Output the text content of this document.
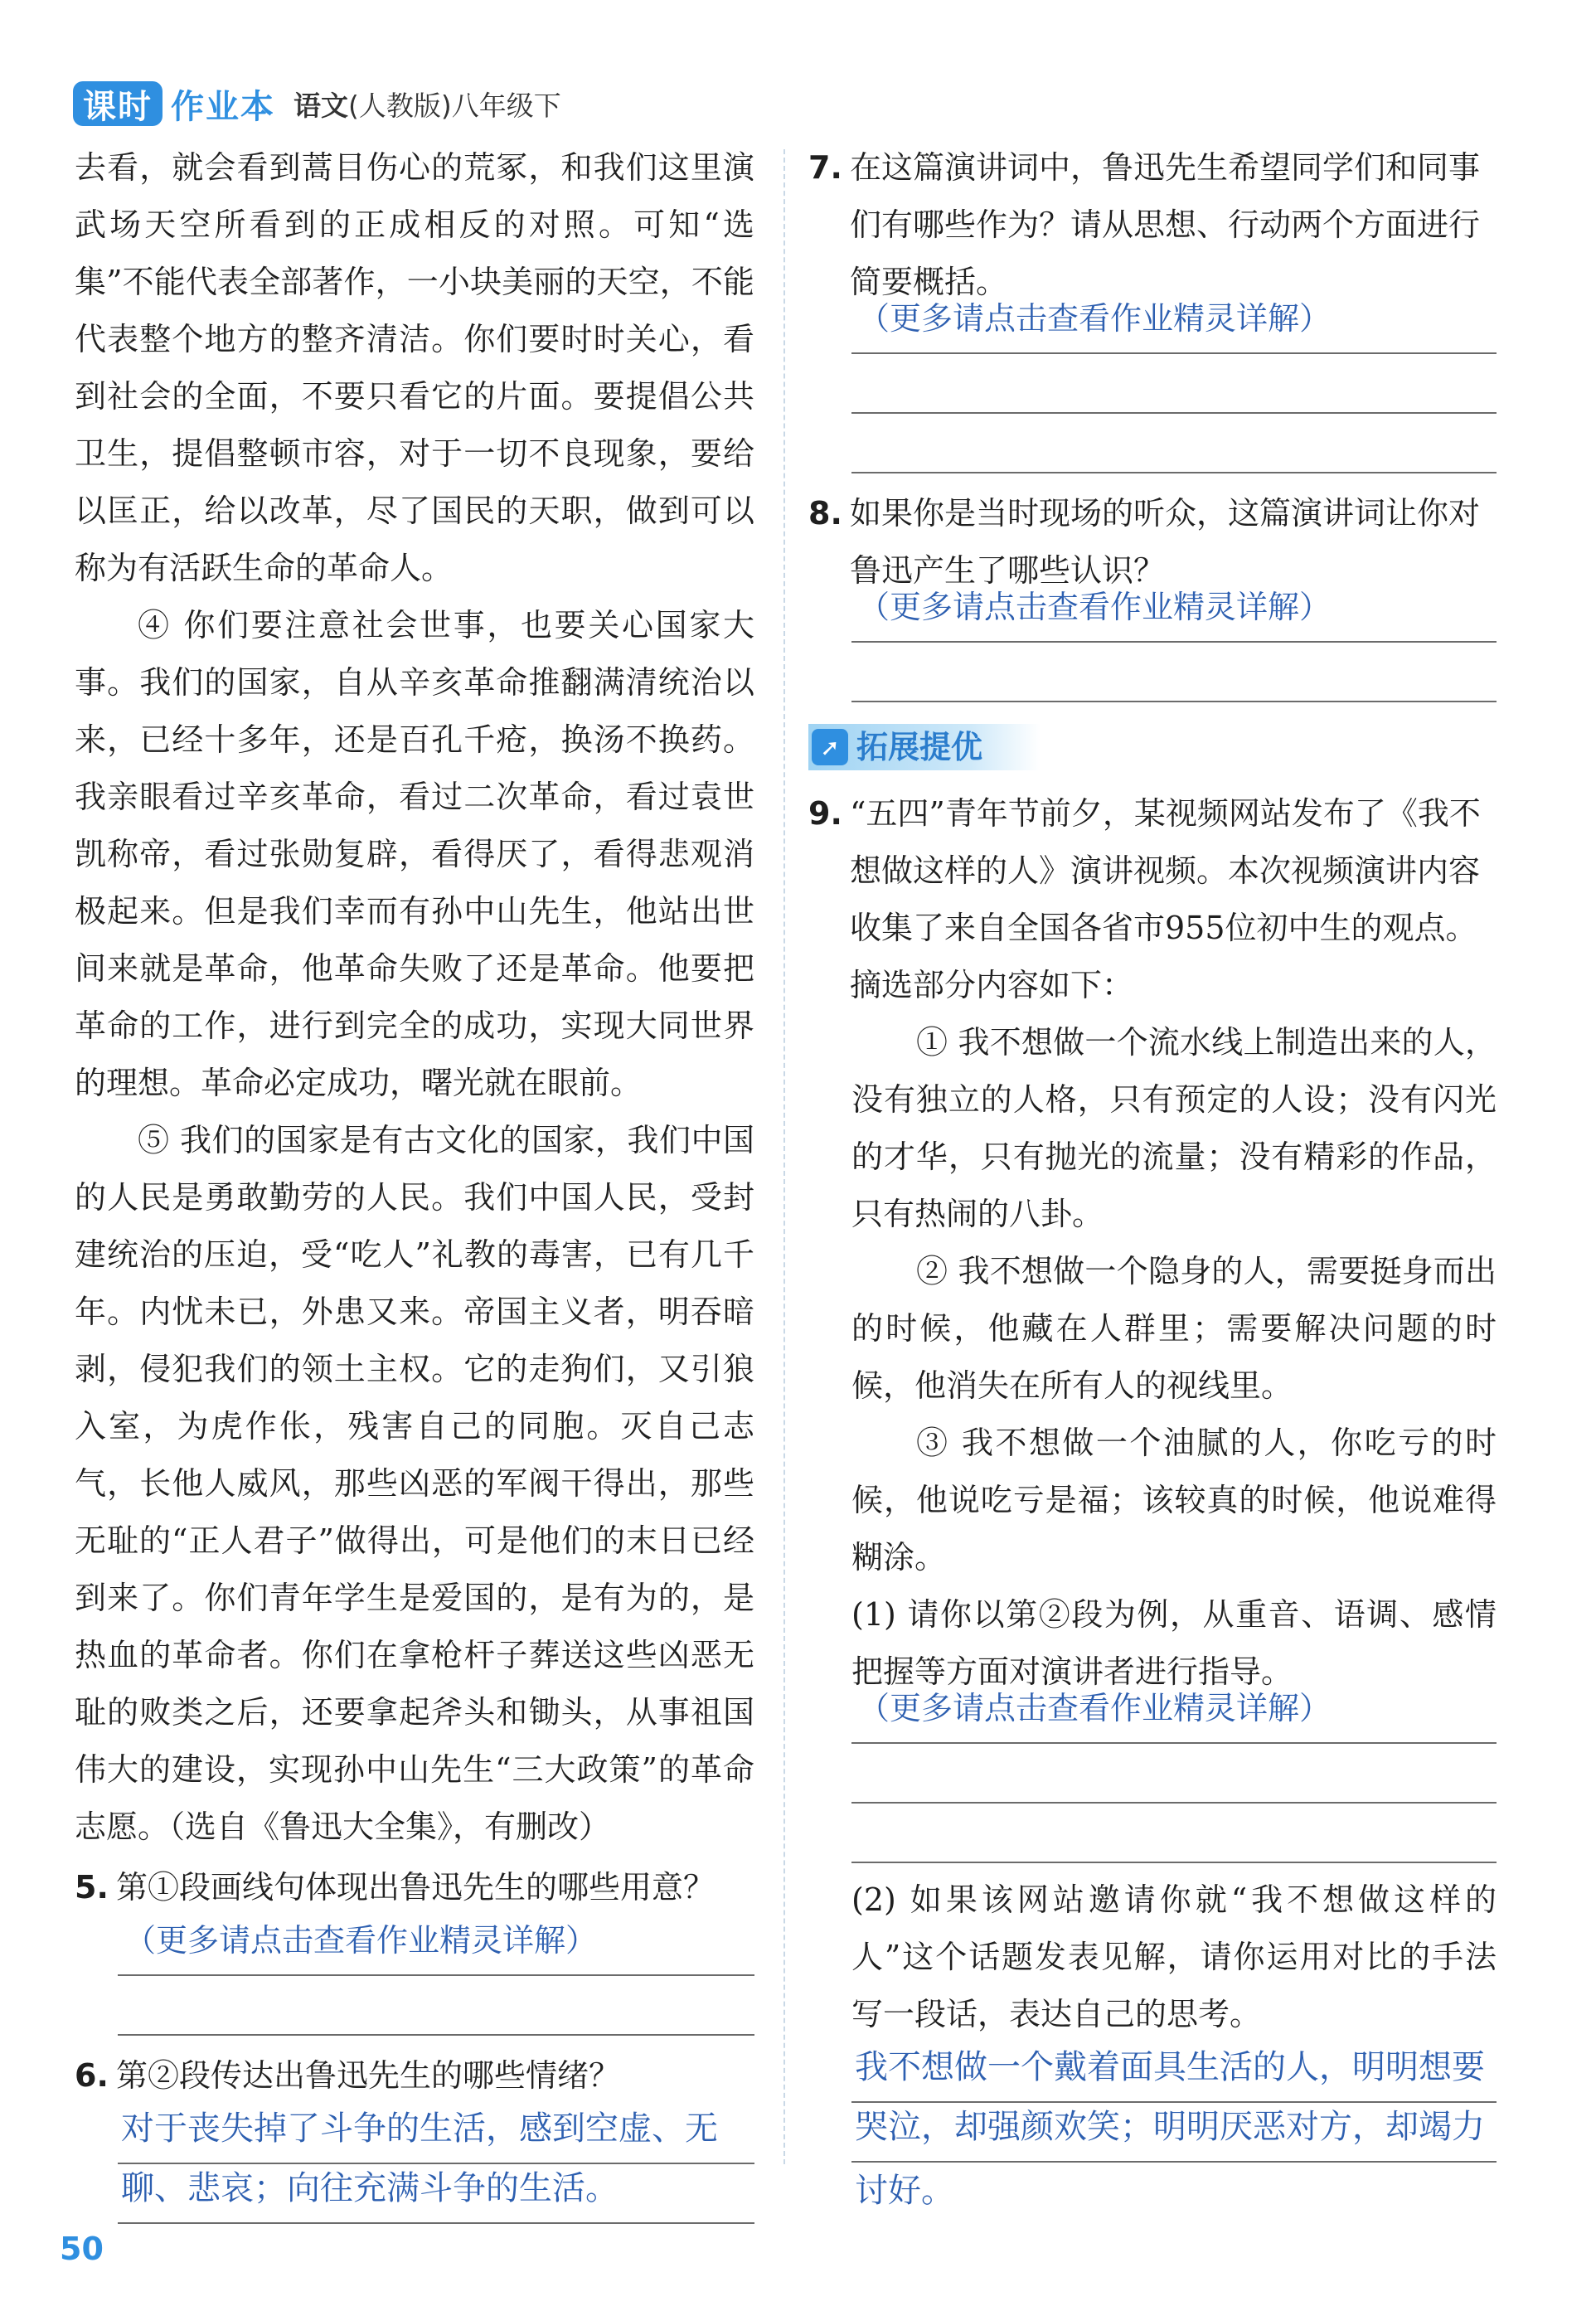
课时 作业本 语文(人教版)八年级下

去看，就会看到蒿目伤心的荒冢，和我们这里演武场天空所看到的正成相反的对照。可知“选集”不能代表全部著作，一小块美丽的天空，不能代表整个地方的整齐清洁。你们要时时关心，看到社会的全面，不要只看它的片面。要提倡公共卫生，提倡整顿市容，对于一切不良现象，要给以匡正，给以改革，尽了国民的天职，做到可以称为有活跃生命的革命人。

④ 你们要注意社会世事，也要关心国家大事。我们的国家，自从辛亥革命推翻满清统治以来，已经十多年，还是百孔千疮，换汤不换药。我亲眼看过辛亥革命，看过二次革命，看过袁世凯称帝，看过张勋复辟，看得厌了，看得悲观消极起来。但是我们幸而有孙中山先生，他站出世间来就是革命，他革命失败了还是革命。他要把革命的工作，进行到完全的成功，实现大同世界的理想。革命必定成功，曙光就在眼前。

⑤ 我们的国家是有古文化的国家，我们中国的人民是勇敢勤劳的人民。我们中国人民，受封建统治的压迫，受“吃人”礼教的毒害，已有几千年。内忧未已，外患又来。帝国主义者，明吞暗剥，侵犯我们的领土主权。它的走狗们，又引狼入室，为虎作伥，残害自己的同胞。灭自己志气，长他人威风，那些凶恶的军阀干得出，那些无耻的“正人君子”做得出，可是他们的末日已经到来了。你们青年学生是爱国的，是有为的，是热血的革命者。你们在拿枪杆子葬送这些凶恶无耻的败类之后，还要拿起斧头和锄头，从事祖国伟大的建设，实现孙中山先生“三大政策”的革命志愿。（选自《鲁迅大全集》，有删改）

5. 第①段画线句体现出鲁迅先生的哪些用意？
（更多请点击查看作业精灵详解）
6. 第②段传达出鲁迅先生的哪些情绪？
对于丧失掉了斗争的生活，感到空虚、无
聊、悲哀；向往充满斗争的生活。
7. 在这篇演讲词中，鲁迅先生希望同学们和同事们有哪些作为？请从思想、行动两个方面进行简要概括。
（更多请点击查看作业精灵详解）
8. 如果你是当时现场的听众，这篇演讲词让你对鲁迅产生了哪些认识？
（更多请点击查看作业精灵详解）
➚ 拓展提优
9. “五四”青年节前夕，某视频网站发布了《我不想做这样的人》演讲视频。本次视频演讲内容收集了来自全国各省市955位初中生的观点。摘选部分内容如下：

① 我不想做一个流水线上制造出来的人，没有独立的人格，只有预定的人设；没有闪光的才华，只有抛光的流量；没有精彩的作品，只有热闹的八卦。

② 我不想做一个隐身的人，需要挺身而出的时候，他藏在人群里；需要解决问题的时候，他消失在所有人的视线里。

③ 我不想做一个油腻的人，你吃亏的时候，他说吃亏是福；该较真的时候，他说难得糊涂。

(1) 请你以第②段为例，从重音、语调、感情把握等方面对演讲者进行指导。

（更多请点击查看作业精灵详解）

(2) 如果该网站邀请你就“我不想做这样的人”这个话题发表见解，请你运用对比的手法写一段话，表达自己的思考。

我不想做一个戴着面具生活的人，明明想要
哭泣，却强颜欢笑；明明厌恶对方，却竭力
讨好。
50
